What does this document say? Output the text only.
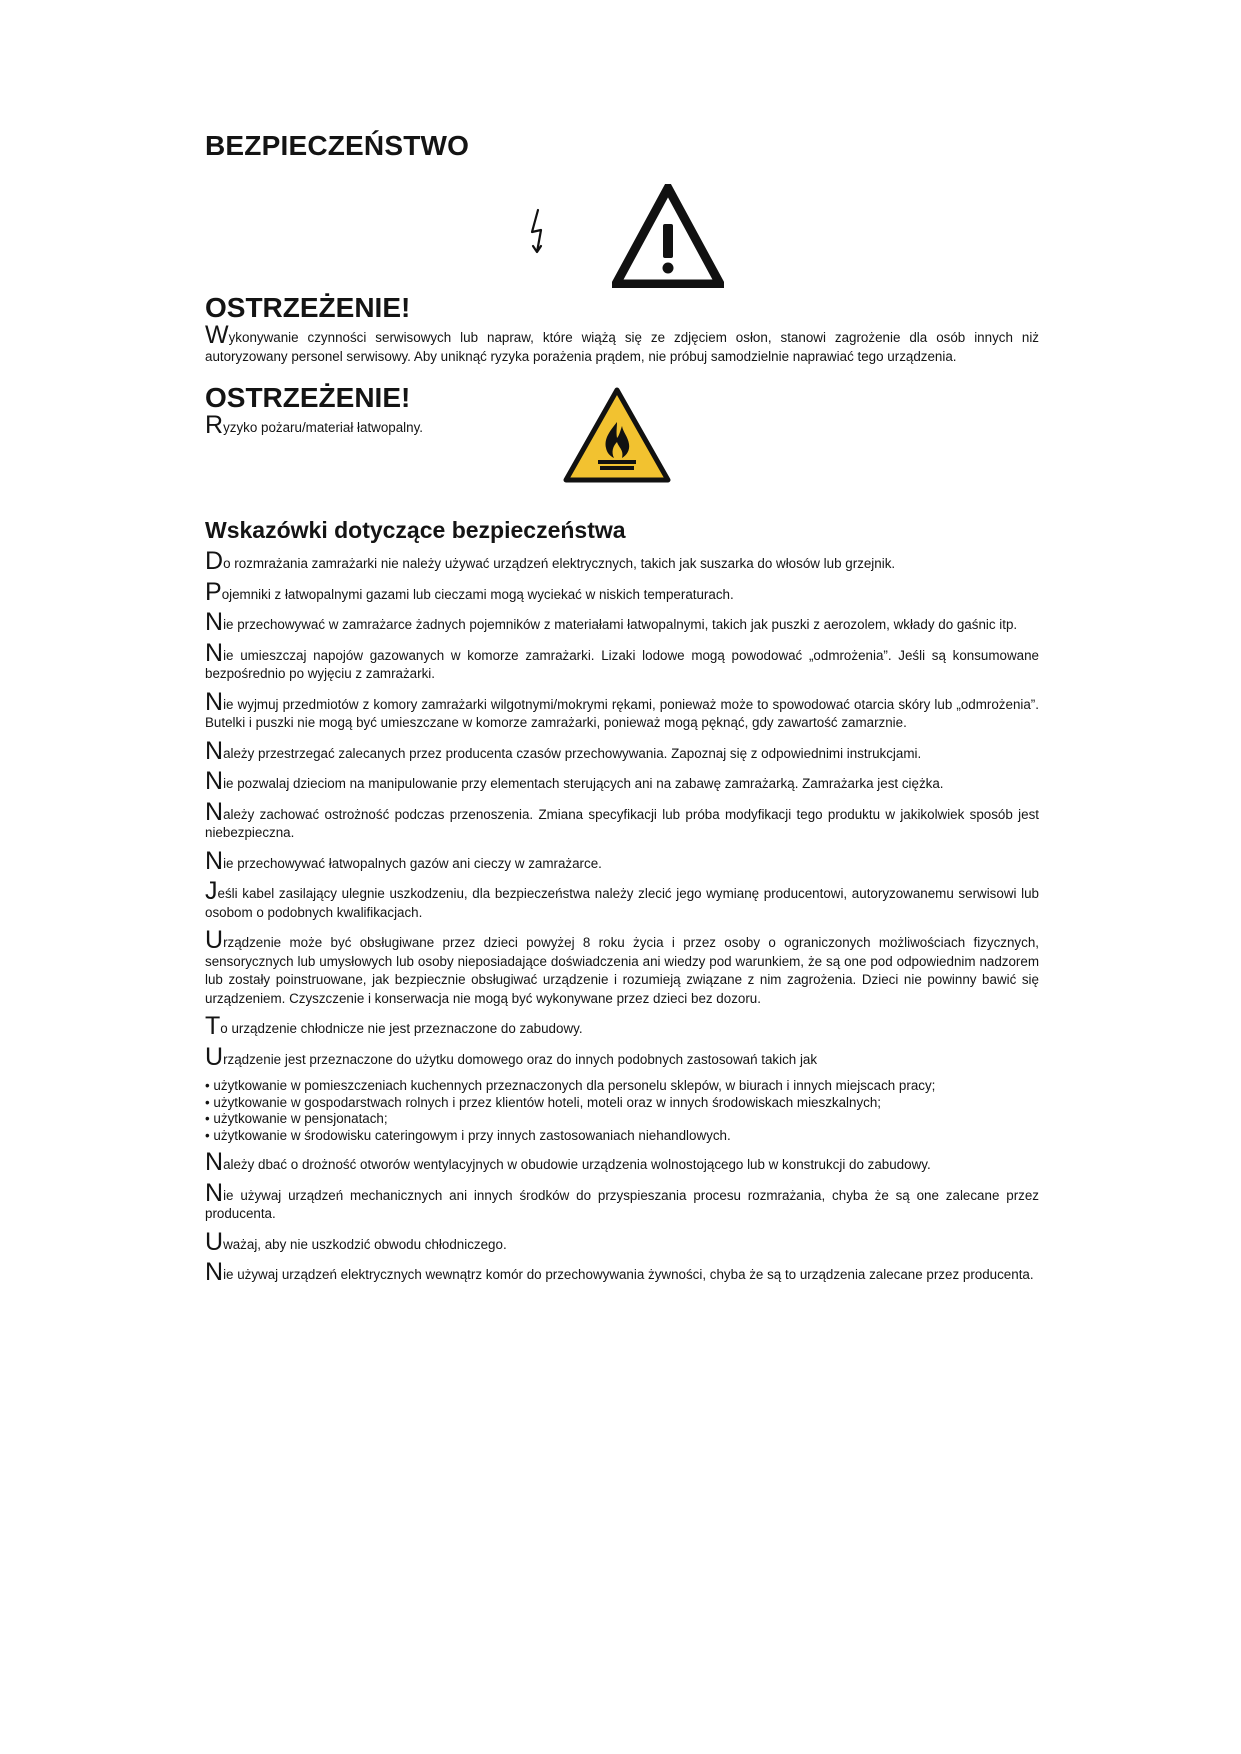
BEZPIECZEŃSTWO
OSTRZEŻENIE!

Wykonywanie czynności serwisowych lub napraw, które wiążą się ze zdjęciem osłon, stanowi zagrożenie dla osób innych niż autoryzowany personel serwisowy. Aby uniknąć ryzyka porażenia prądem, nie próbuj samodzielnie naprawiać tego urządzenia.

OSTRZEŻENIE!

Ryzyko pożaru/materiał łatwopalny.

Wskazówki dotyczące bezpieczeństwa

Do rozmrażania zamrażarki nie należy używać urządzeń elektrycznych, takich jak suszarka do włosów lub grzejnik.

Pojemniki z łatwopalnymi gazami lub cieczami mogą wyciekać w niskich temperaturach.

Nie przechowywać w zamrażarce żadnych pojemników z materiałami łatwopalnymi, takich jak puszki z aerozolem, wkłady do gaśnic itp.

Nie umieszczaj napojów gazowanych w komorze zamrażarki. Lizaki lodowe mogą powodować „odmrożenia”. Jeśli są konsumowane bezpośrednio po wyjęciu z zamrażarki.

Nie wyjmuj przedmiotów z komory zamrażarki wilgotnymi/mokrymi rękami, ponieważ może to spowodować otarcia skóry lub „odmrożenia”. Butelki i puszki nie mogą być umieszczane w komorze zamrażarki, ponieważ mogą pęknąć, gdy zawartość zamarznie.

Należy przestrzegać zalecanych przez producenta czasów przechowywania. Zapoznaj się z odpowiednimi instrukcjami.

Nie pozwalaj dzieciom na manipulowanie przy elementach sterujących ani na zabawę zamrażarką. Zamrażarka jest ciężka.

Należy zachować ostrożność podczas przenoszenia. Zmiana specyfikacji lub próba modyfikacji tego produktu w jakikolwiek sposób jest niebezpieczna.

Nie przechowywać łatwopalnych gazów ani cieczy w zamrażarce.

Jeśli kabel zasilający ulegnie uszkodzeniu, dla bezpieczeństwa należy zlecić jego wymianę producentowi, autoryzowanemu serwisowi lub osobom o podobnych kwalifikacjach.

Urządzenie może być obsługiwane przez dzieci powyżej 8 roku życia i przez osoby o ograniczonych możliwościach fizycznych, sensorycznych lub umysłowych lub osoby nieposiadające doświadczenia ani wiedzy pod warunkiem, że są one pod odpowiednim nadzorem lub zostały poinstruowane, jak bezpiecznie obsługiwać urządzenie i rozumieją związane z nim zagrożenia. Dzieci nie powinny bawić się urządzeniem. Czyszczenie i konserwacja nie mogą być wykonywane przez dzieci bez dozoru.

To urządzenie chłodnicze nie jest przeznaczone do zabudowy.

Urządzenie jest przeznaczone do użytku domowego oraz do innych podobnych zastosowań takich jak

• użytkowanie w pomieszczeniach kuchennych przeznaczonych dla personelu sklepów, w biurach i innych miejscach pracy;
• użytkowanie w gospodarstwach rolnych i przez klientów hoteli, moteli oraz w innych środowiskach mieszkalnych;
• użytkowanie w pensjonatach;
• użytkowanie w środowisku cateringowym i przy innych zastosowaniach niehandlowych.

Należy dbać o drożność otworów wentylacyjnych w obudowie urządzenia wolnostojącego lub w konstrukcji do zabudowy.

Nie używaj urządzeń mechanicznych ani innych środków do przyspieszania procesu rozmrażania, chyba że są one zalecane przez producenta.

Uważaj, aby nie uszkodzić obwodu chłodniczego.

Nie używaj urządzeń elektrycznych wewnątrz komór do przechowywania żywności, chyba że są to urządzenia zalecane przez producenta.
